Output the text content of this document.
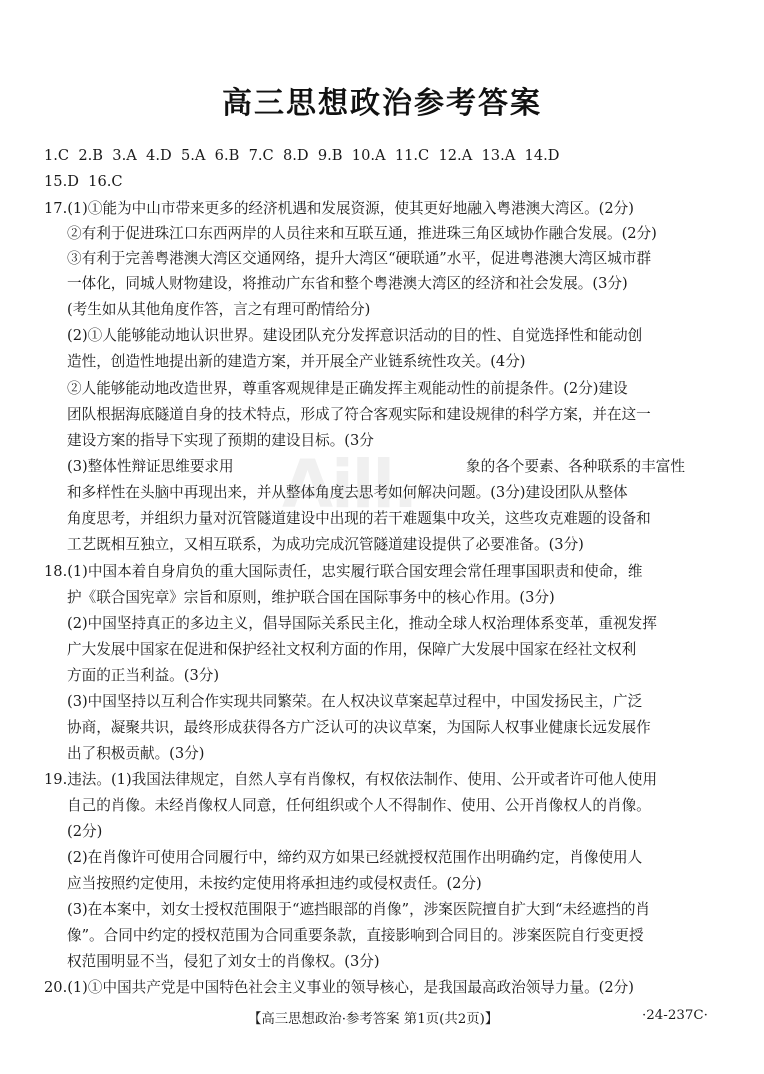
高三思想政治参考答案
1.C  2.B  3.A  4.D  5.A  6.B  7.C  8.D  9.B  10.A  11.C  12.A  13.A  14.D
15.D  16.C
Aill.
17.(1)①能为中山市带来更多的经济机遇和发展资源，使其更好地融入粤港澳大湾区。(2分)
②有利于促进珠江口东西两岸的人员往来和互联互通，推进珠三角区域协作融合发展。(2分)
③有利于完善粤港澳大湾区交通网络，提升大湾区“硬联通”水平，促进粤港澳大湾区城市群
一体化，同城人财物建设，将推动广东省和整个粤港澳大湾区的经济和社会发展。(3分)
(考生如从其他角度作答，言之有理可酌情给分)
(2)①人能够能动地认识世界。建设团队充分发挥意识活动的目的性、自觉选择性和能动创
造性，创造性地提出新的建造方案，并开展全产业链系统性攻关。(4分)
②人能够能动地改造世界，尊重客观规律是正确发挥主观能动性的前提条件。(2分)建设
团队根据海底隧道自身的技术特点，形成了符合客观实际和建设规律的科学方案，并在这一
建设方案的指导下实现了预期的建设目标。(3分
(3)整体性辩证思维要求用	象的各个要素、各种联系的丰富性
和多样性在头脑中再现出来，并从整体角度去思考如何解决问题。(3分)建设团队从整体
角度思考，并组织力量对沉管隧道建设中出现的若干难题集中攻关，这些攻克难题的设备和
工艺既相互独立，又相互联系，为成功完成沉管隧道建设提供了必要准备。(3分)
18.(1)中国本着自身肩负的重大国际责任，忠实履行联合国安理会常任理事国职责和使命，维
护《联合国宪章》宗旨和原则，维护联合国在国际事务中的核心作用。(3分)
(2)中国坚持真正的多边主义，倡导国际关系民主化，推动全球人权治理体系变革，重视发挥
广大发展中国家在促进和保护经社文权利方面的作用，保障广大发展中国家在经社文权利
方面的正当利益。(3分)
(3)中国坚持以互利合作实现共同繁荣。在人权决议草案起草过程中，中国发扬民主，广泛
协商，凝聚共识，最终形成获得各方广泛认可的决议草案，为国际人权事业健康长远发展作
出了积极贡献。(3分)
19.违法。(1)我国法律规定，自然人享有肖像权，有权依法制作、使用、公开或者许可他人使用
自己的肖像。未经肖像权人同意，任何组织或个人不得制作、使用、公开肖像权人的肖像。
(2分)
(2)在肖像许可使用合同履行中，缔约双方如果已经就授权范围作出明确约定，肖像使用人
应当按照约定使用，未按约定使用将承担违约或侵权责任。(2分)
(3)在本案中，刘女士授权范围限于“遮挡眼部的肖像”，涉案医院擅自扩大到“未经遮挡的肖
像”。合同中约定的授权范围为合同重要条款，直接影响到合同目的。涉案医院自行变更授
权范围明显不当，侵犯了刘女士的肖像权。(3分)
20.(1)①中国共产党是中国特色社会主义事业的领导核心，是我国最高政治领导力量。(2分)
【高三思想政治·参考答案 第1页(共2页)】	·24-237C·
